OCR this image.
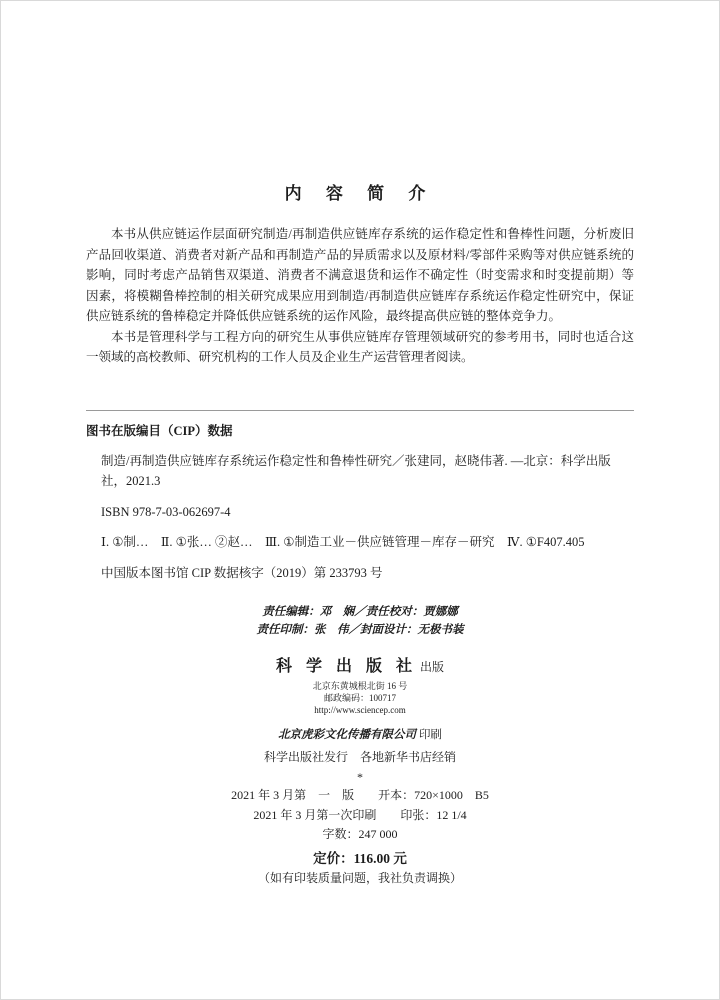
内 容 简 介

本书从供应链运作层面研究制造/再制造供应链库存系统的运作稳定性和鲁棒性问题，分析废旧产品回收渠道、消费者对新产品和再制造产品的异质需求以及原材料/零部件采购等对供应链系统的影响，同时考虑产品销售双渠道、消费者不满意退货和运作不确定性（时变需求和时变提前期）等因素，将模糊鲁棒控制的相关研究成果应用到制造/再制造供应链库存系统运作稳定性研究中，保证供应链系统的鲁棒稳定并降低供应链系统的运作风险，最终提高供应链的整体竞争力。

本书是管理科学与工程方向的研究生从事供应链库存管理领域研究的参考用书，同时也适合这一领域的高校教师、研究机构的工作人员及企业生产运营管理者阅读。

图书在版编目（CIP）数据

制造/再制造供应链库存系统运作稳定性和鲁棒性研究／张建同，赵晓伟著. —北京：科学出版社，2021.3

ISBN 978-7-03-062697-4

Ⅰ. ①制…　Ⅱ. ①张… ②赵…　Ⅲ. ①制造工业－供应链管理－库存－研究　Ⅳ. ①F407.405

中国版本图书馆 CIP 数据核字（2019）第 233793 号

责任编辑：邓　娴／责任校对：贾娜娜

责任印制：张　伟／封面设计：无极书装

科 学 出 版 社 出版

北京东黄城根北街 16 号

邮政编码：100717

http://www.sciencep.com

北京虎彩文化传播有限公司 印刷

科学出版社发行　各地新华书店经销

*

2021 年 3 月第　一　版　　开本：720×1000　B5

2021 年 3 月第一次印刷　　印张：12 1/4

字数：247 000

定价：116.00 元

（如有印装质量问题，我社负责调换）
